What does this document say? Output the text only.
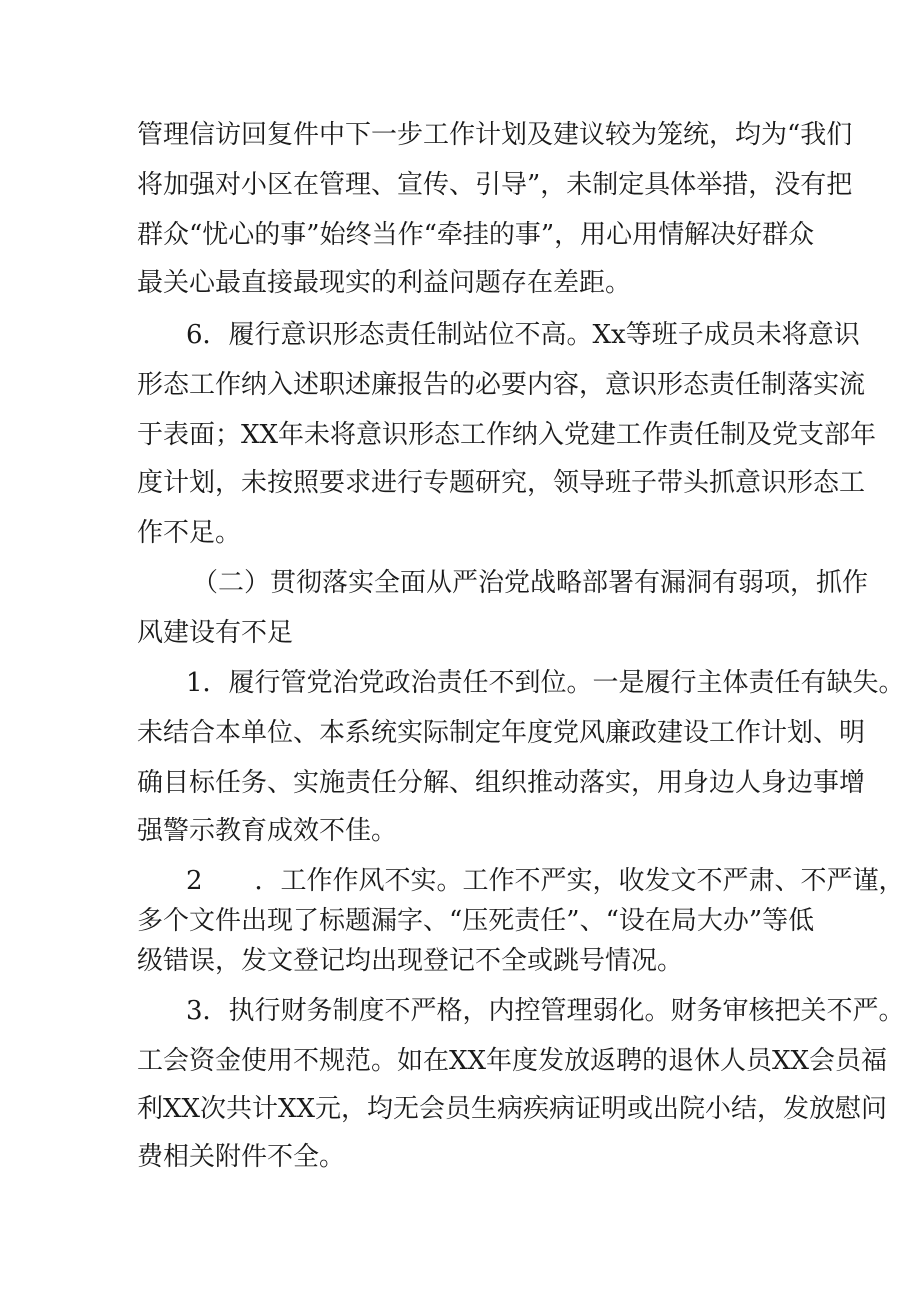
管理信访回复件中下一步工作计划及建议较为笼统，均为“我们
将加强对小区在管理、宣传、引导”，未制定具体举措，没有把
群众“忧心的事”始终当作“牵挂的事”，用心用情解决好群众
最关心最直接最现实的利益问题存在差距。
6．履行意识形态责任制站位不高。Xx等班子成员未将意识
形态工作纳入述职述廉报告的必要内容，意识形态责任制落实流
于表面；XX年未将意识形态工作纳入党建工作责任制及党支部年
度计划，未按照要求进行专题研究，领导班子带头抓意识形态工
作不足。
（二）贯彻落实全面从严治党战略部署有漏洞有弱项，抓作
风建设有不足
1．履行管党治党政治责任不到位。一是履行主体责任有缺失。
未结合本单位、本系统实际制定年度党风廉政建设工作计划、明
确目标任务、实施责任分解、组织推动落实，用身边人身边事增
强警示教育成效不佳。
2　　．工作作风不实。工作不严实，收发文不严肃、不严谨，
多个文件出现了标题漏字、“压死责任”、“设在局大办”等低
级错误，发文登记均出现登记不全或跳号情况。
3．执行财务制度不严格，内控管理弱化。财务审核把关不严。
工会资金使用不规范。如在XX年度发放返聘的退休人员XX会员福
利XX次共计XX元，均无会员生病疾病证明或出院小结，发放慰问
费相关附件不全。
